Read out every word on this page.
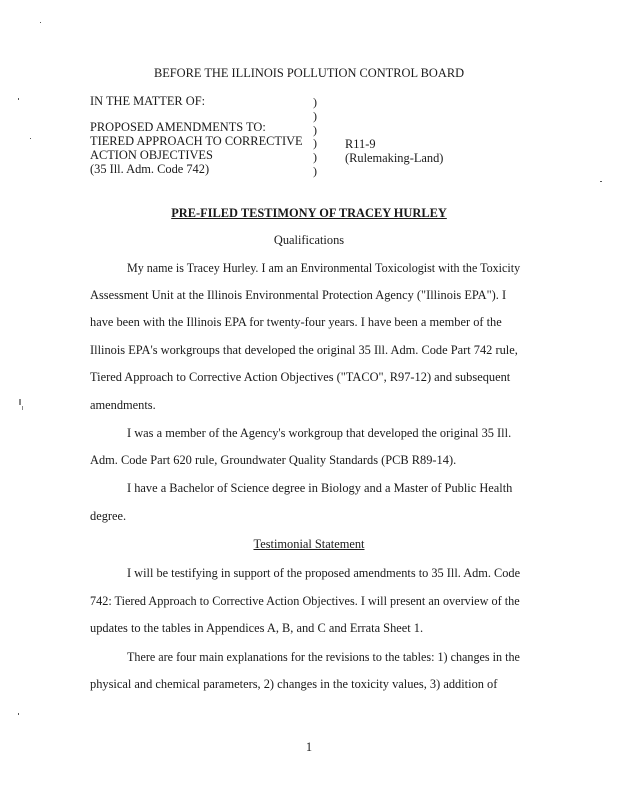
BEFORE THE ILLINOIS POLLUTION CONTROL BOARD
IN THE MATTER OF:
PROPOSED AMENDMENTS TO:
TIERED APPROACH TO CORRECTIVE
ACTION OBJECTIVES
(35 Ill. Adm. Code 742)
)
)
)
)
)
)
R11-9
(Rulemaking-Land)
PRE-FILED TESTIMONY OF TRACEY HURLEY
Qualifications
My name is Tracey Hurley. I am an Environmental Toxicologist with the Toxicity
Assessment Unit at the Illinois Environmental Protection Agency ("Illinois EPA"). I
have been with the Illinois EPA for twenty-four years. I have been a member of the
Illinois EPA's workgroups that developed the original 35 Ill. Adm. Code Part 742 rule,
Tiered Approach to Corrective Action Objectives ("TACO", R97-12) and subsequent
amendments.
I was a member of the Agency's workgroup that developed the original 35 Ill.
Adm. Code Part 620 rule, Groundwater Quality Standards (PCB R89-14).
I have a Bachelor of Science degree in Biology and a Master of Public Health
degree.
Testimonial Statement
I will be testifying in support of the proposed amendments to 35 Ill. Adm. Code
742: Tiered Approach to Corrective Action Objectives. I will present an overview of the
updates to the tables in Appendices A, B, and C and Errata Sheet 1.
There are four main explanations for the revisions to the tables: 1) changes in the
physical and chemical parameters, 2) changes in the toxicity values, 3) addition of
1
